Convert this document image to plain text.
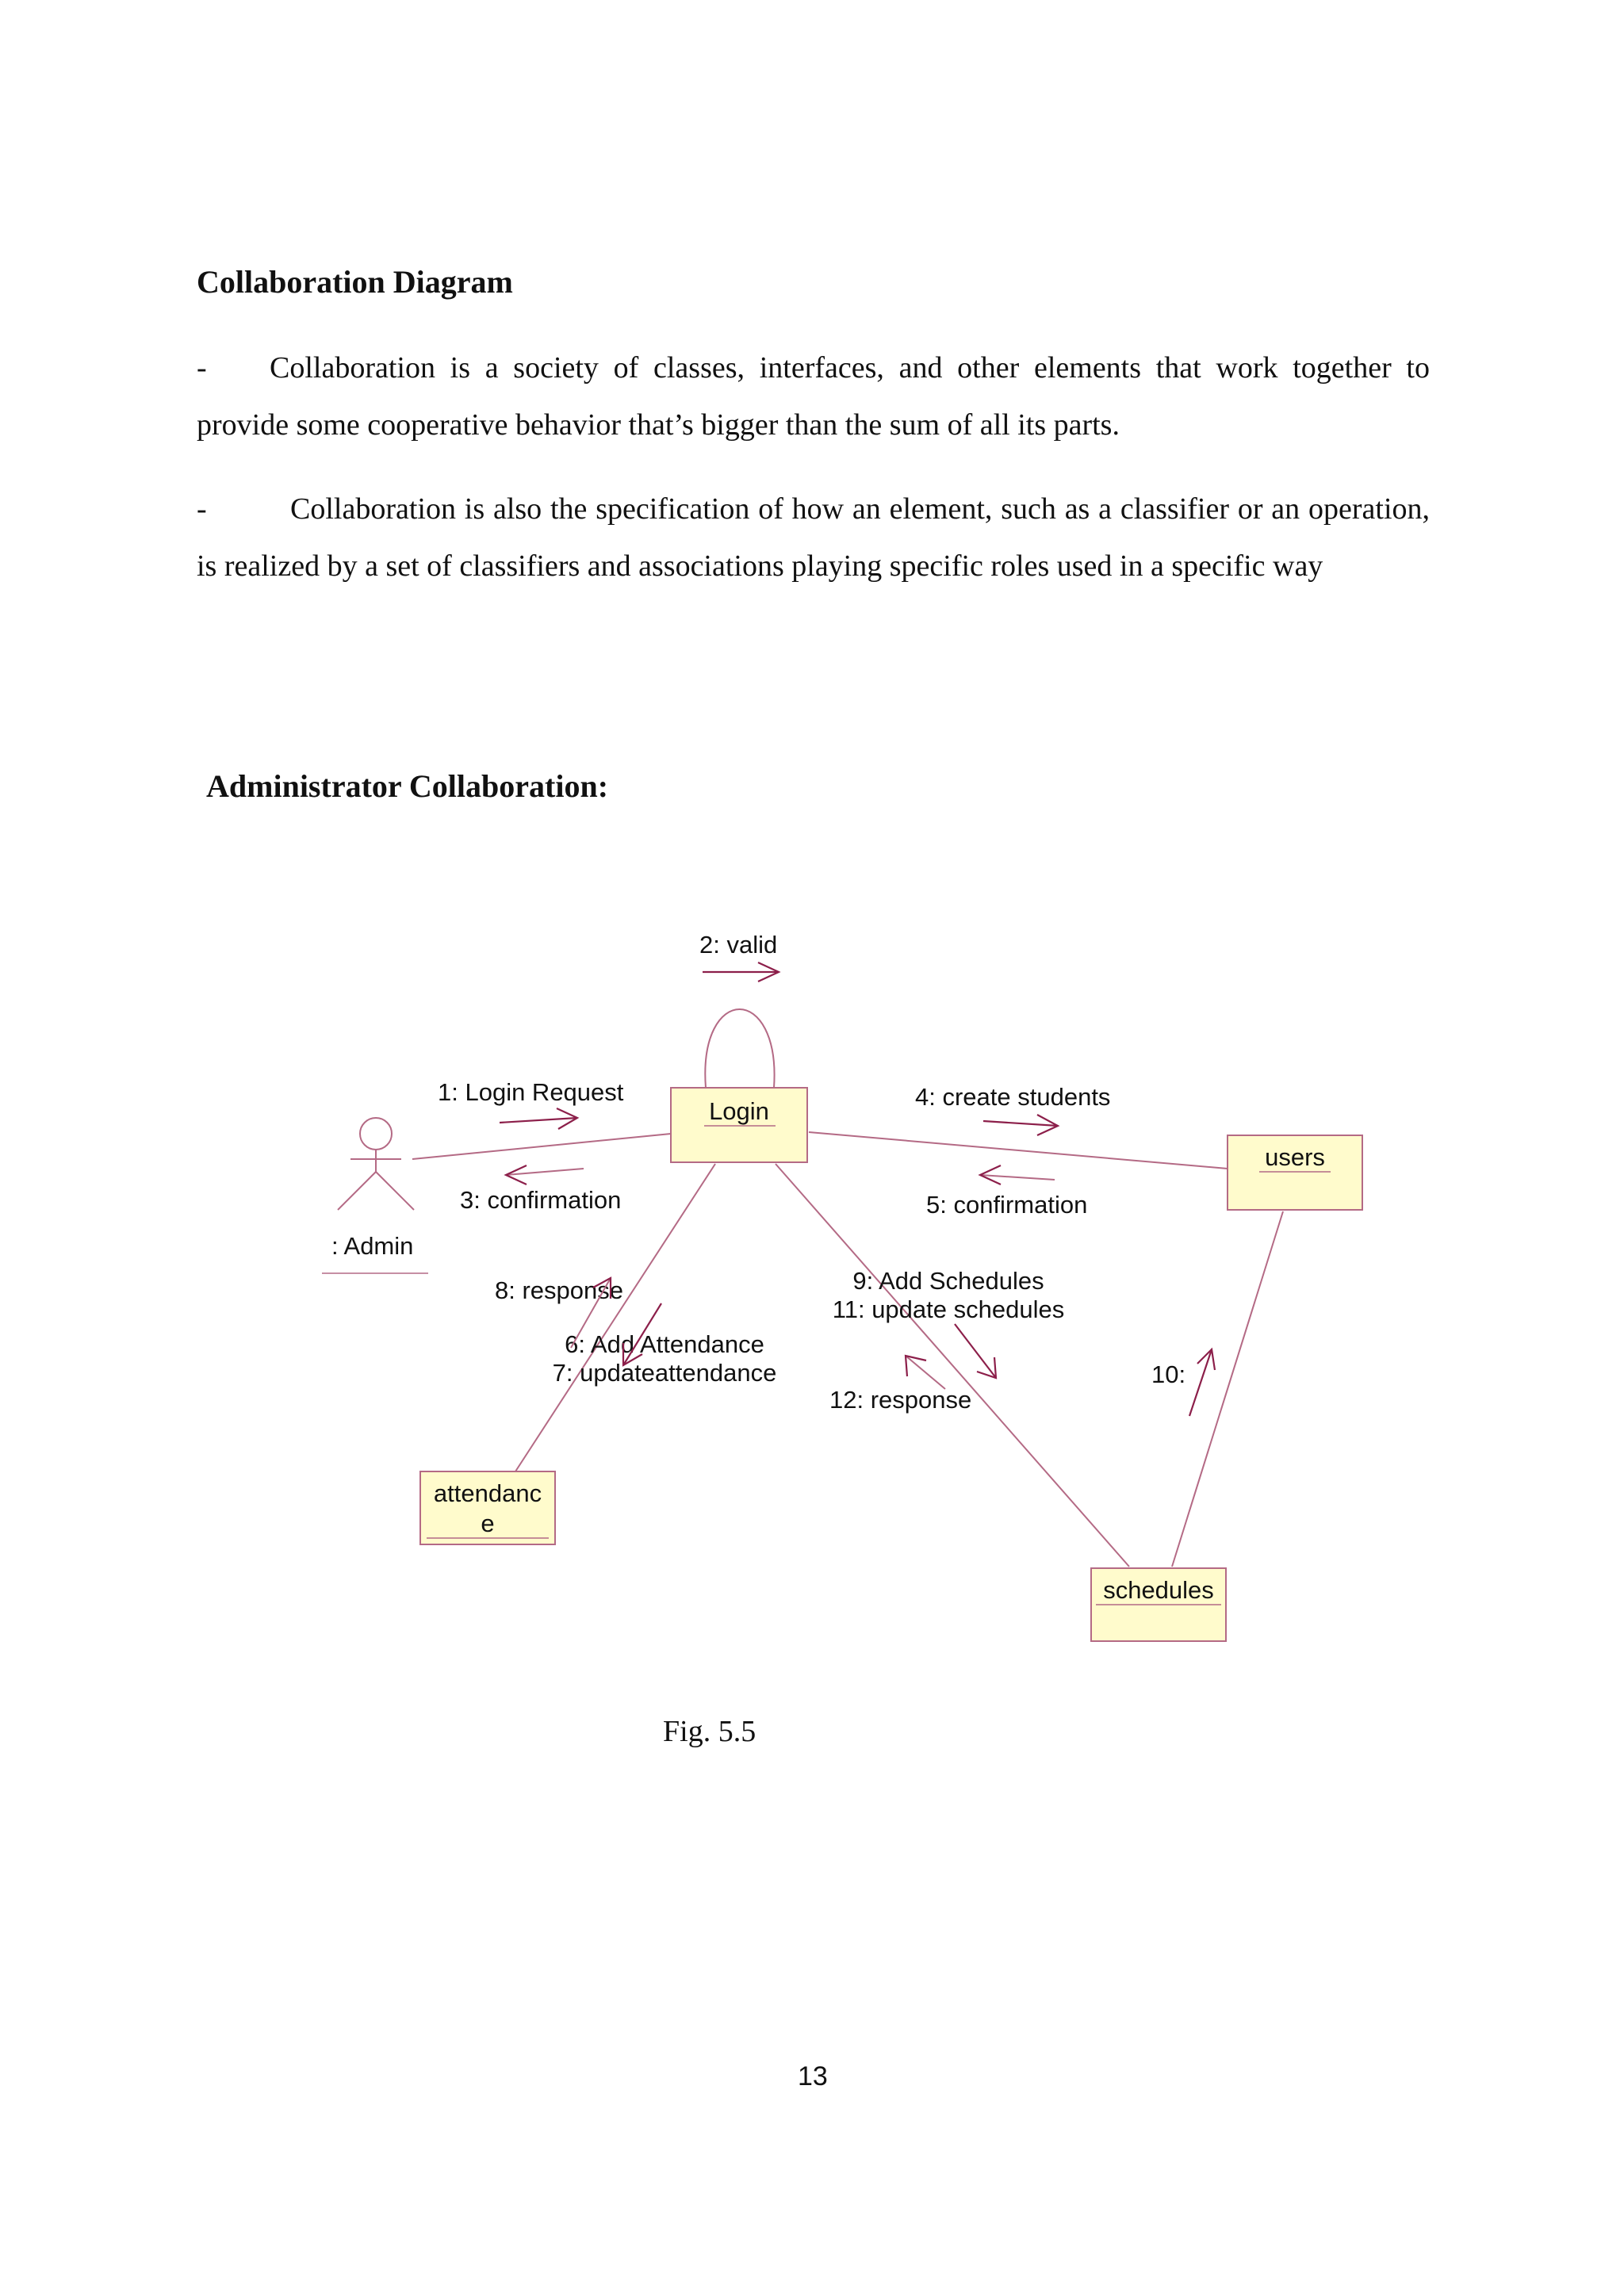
Collaboration Diagram
- Collaboration is a society of classes, interfaces, and other elements that work together to provide some cooperative behavior that’s bigger than the sum of all its parts.
-	Collaboration is also the specification of how an element, such as a classifier or an operation, is realized by a set of classifiers and associations playing specific roles used in a specific way
Administrator Collaboration:
: Admin
Login
users
attendanc
e
schedules
2: valid
1: Login Request
3: confirmation
4: create students
5: confirmation
8: response
6: Add Attendance
7: updateattendance
9: Add Schedules
11: update schedules
12: response
10:
Fig. 5.5
13
